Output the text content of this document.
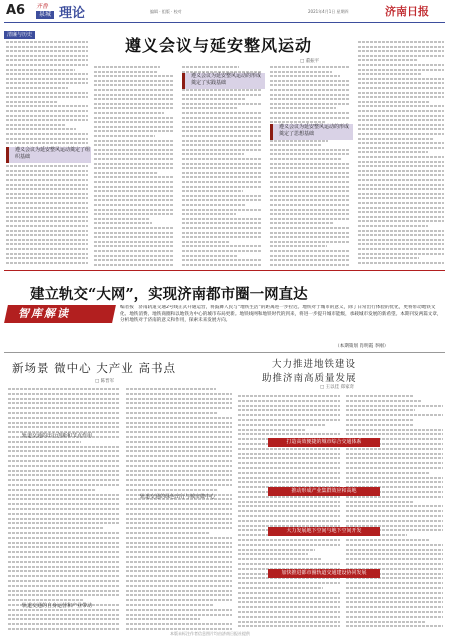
A6 齐鲁
泉城 理论	编辑 · 组版 · 校对	2021年4月1日 星期四	济南日报
清廉与历史
遵义会议与延安整风运动
□ 董振平
遵义会议为延安整风运动奠定了组织基础
遵义会议为延安整风运动的形成奠定了实践基础
遵义会议为延安整风运动的形成奠定了思想基础
建立轨交“大网”，实现济南都市圈一网直达
智库解读	编者按　济南轨道交通2号线正式开通运营，将鼓舞人民与“地铁生活”的距离进一步拉近。地铁对于城市的意义，除了日常出行体验的优化，更将带动地铁文化、地铁消费、地铁商圈和以地铁为中心的城市布局更新。地铁线网和地铁时代的到来，将进一步提升城市能级，承载城市发展的新希望。本期刊发两篇文章，分析地铁对于济南的意义和作用，探索未来发展方向。
（本期策划 肖明霞 李刚）
新场景 微中心 大产业 高书点
□ 陈晋军
轨道交通的出行创新和节点作用
轨道交通的绿色出行与城市微中心
轨道交通的自身运营和产业带动
大力推进地铁建设
助推济南高质量发展
□ 王以佳 郑家奇
打造高效便捷的城市综合交通体系
推动形成产业集群效应和高地
大力发展地下空间与地下空间开发
加快推进都市圈轨道交通建设协同发展
本版未标注作者信息图片均由济南日报社提供
